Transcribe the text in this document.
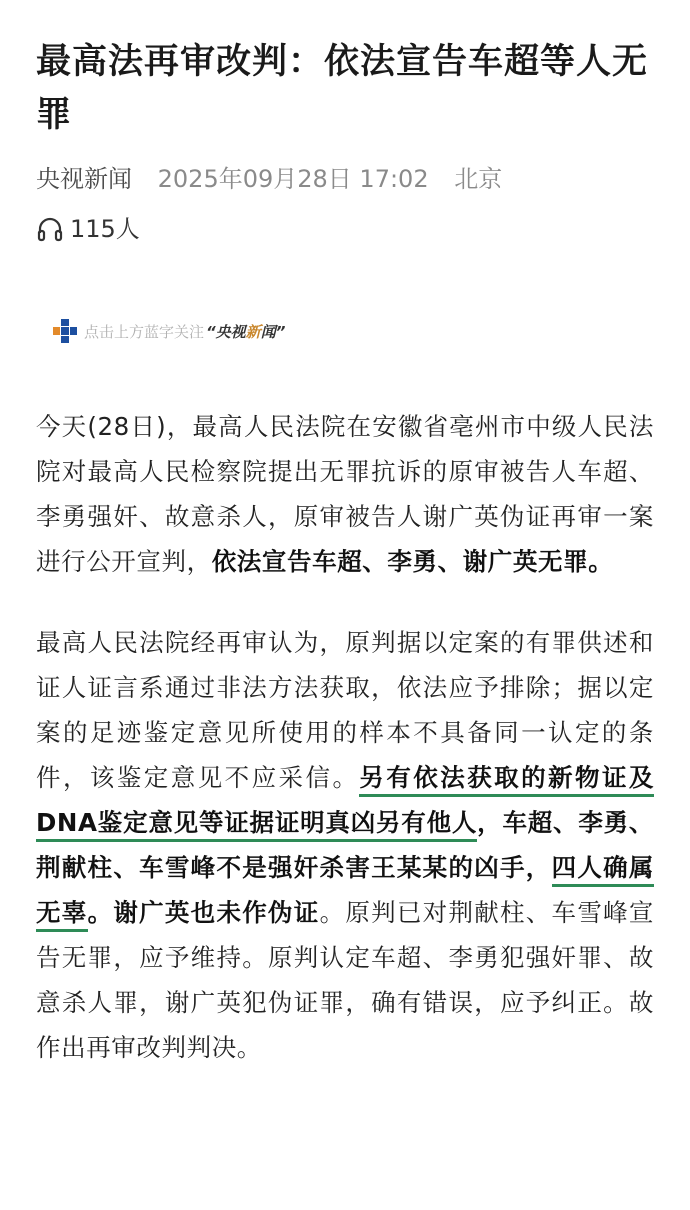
最高法再审改判：依法宣告车超等人无罪
央视新闻 2025年09月28日 17:02 北京
115人
点击上方蓝字关注 “央视新闻”

今天(28日)，最高人民法院在安徽省亳州市中级人民法院对最高人民检察院提出无罪抗诉的原审被告人车超、李勇强奸、故意杀人，原审被告人谢广英伪证再审一案进行公开宣判，依法宣告车超、李勇、谢广英无罪。

最高人民法院经再审认为，原判据以定案的有罪供述和证人证言系通过非法方法获取，依法应予排除；据以定案的足迹鉴定意见所使用的样本不具备同一认定的条件，该鉴定意见不应采信。另有依法获取的新物证及DNA鉴定意见等证据证明真凶另有他人，车超、李勇、荆献柱、车雪峰不是强奸杀害王某某的凶手，四人确属无辜。谢广英也未作伪证。原判已对荆献柱、车雪峰宣告无罪，应予维持。原判认定车超、李勇犯强奸罪、故意杀人罪，谢广英犯伪证罪，确有错误，应予纠正。故作出再审改判判决。
